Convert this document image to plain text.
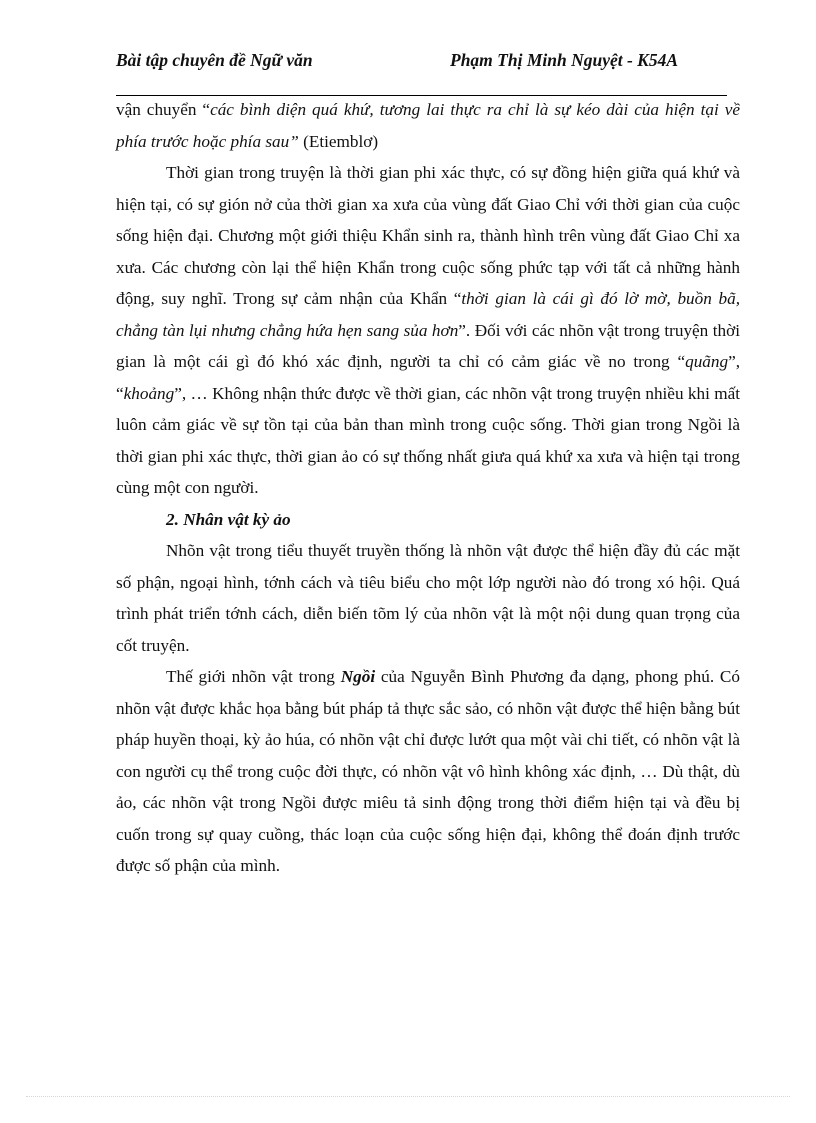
Bài tập chuyên đề Ngữ văn	Phạm Thị Minh Nguyệt - K54A

vận chuyển “các bình diện quá khứ, tương lai thực ra chỉ là sự kéo dài của hiện tại về phía trước hoặc phía sau” (Etiemblơ)

Thời gian trong truyện là thời gian phi xác thực, có sự đồng hiện giữa quá khứ và hiện tại, có sự gión nở của thời gian xa xưa của vùng đất Giao Chỉ với thời gian của cuộc sống hiện đại. Chương một giới thiệu Khẩn sinh ra, thành hình trên vùng đất Giao Chỉ xa xưa. Các chương còn lại thể hiện Khẩn trong cuộc sống phức tạp với tất cả những hành động, suy nghĩ. Trong sự cảm nhận của Khẩn “thời gian là cái gì đó lờ mờ, buồn bã, chẳng tàn lụi nhưng chẳng hứa hẹn sang sủa hơn”. Đối với các nhõn vật trong truyện thời gian là một cái gì đó khó xác định, người ta chỉ có cảm giác về no trong “quãng”, “khoảng”, … Không nhận thức được về thời gian, các nhõn vật trong truyện nhiều khi mất luôn cảm giác về sự tồn tại của bản than mình trong cuộc sống. Thời gian trong Ngồi là thời gian phi xác thực, thời gian ảo có sự thống nhất giưa quá khứ xa xưa và hiện tại trong cùng một con người.

2. Nhân vật kỳ ảo

Nhõn vật trong tiểu thuyết truyền thống là nhõn vật được thể hiện đầy đủ các mặt số phận, ngoại hình, tớnh cách và tiêu biểu cho một lớp người nào đó trong xó hội. Quá trình phát triển tớnh cách, diễn biến tõm lý của nhõn vật là một nội dung quan trọng của cốt truyện.

Thế giới nhõn vật trong Ngồi của Nguyễn Bình Phương đa dạng, phong phú. Có nhõn vật được khắc họa bằng bút pháp tả thực sắc sảo, có nhõn vật được thể hiện bằng bút pháp huyền thoại, kỳ ảo húa, có nhõn vật chỉ được lướt qua một vài chi tiết, có nhõn vật là con người cụ thể trong cuộc đời thực, có nhõn vật vô hình không xác định, … Dù thật, dù ảo, các nhõn vật trong Ngồi được miêu tả sinh động trong thời điểm hiện tại và đều bị cuốn trong sự quay cuồng, thác loạn của cuộc sống hiện đại, không thể đoán định trước được số phận của mình.
